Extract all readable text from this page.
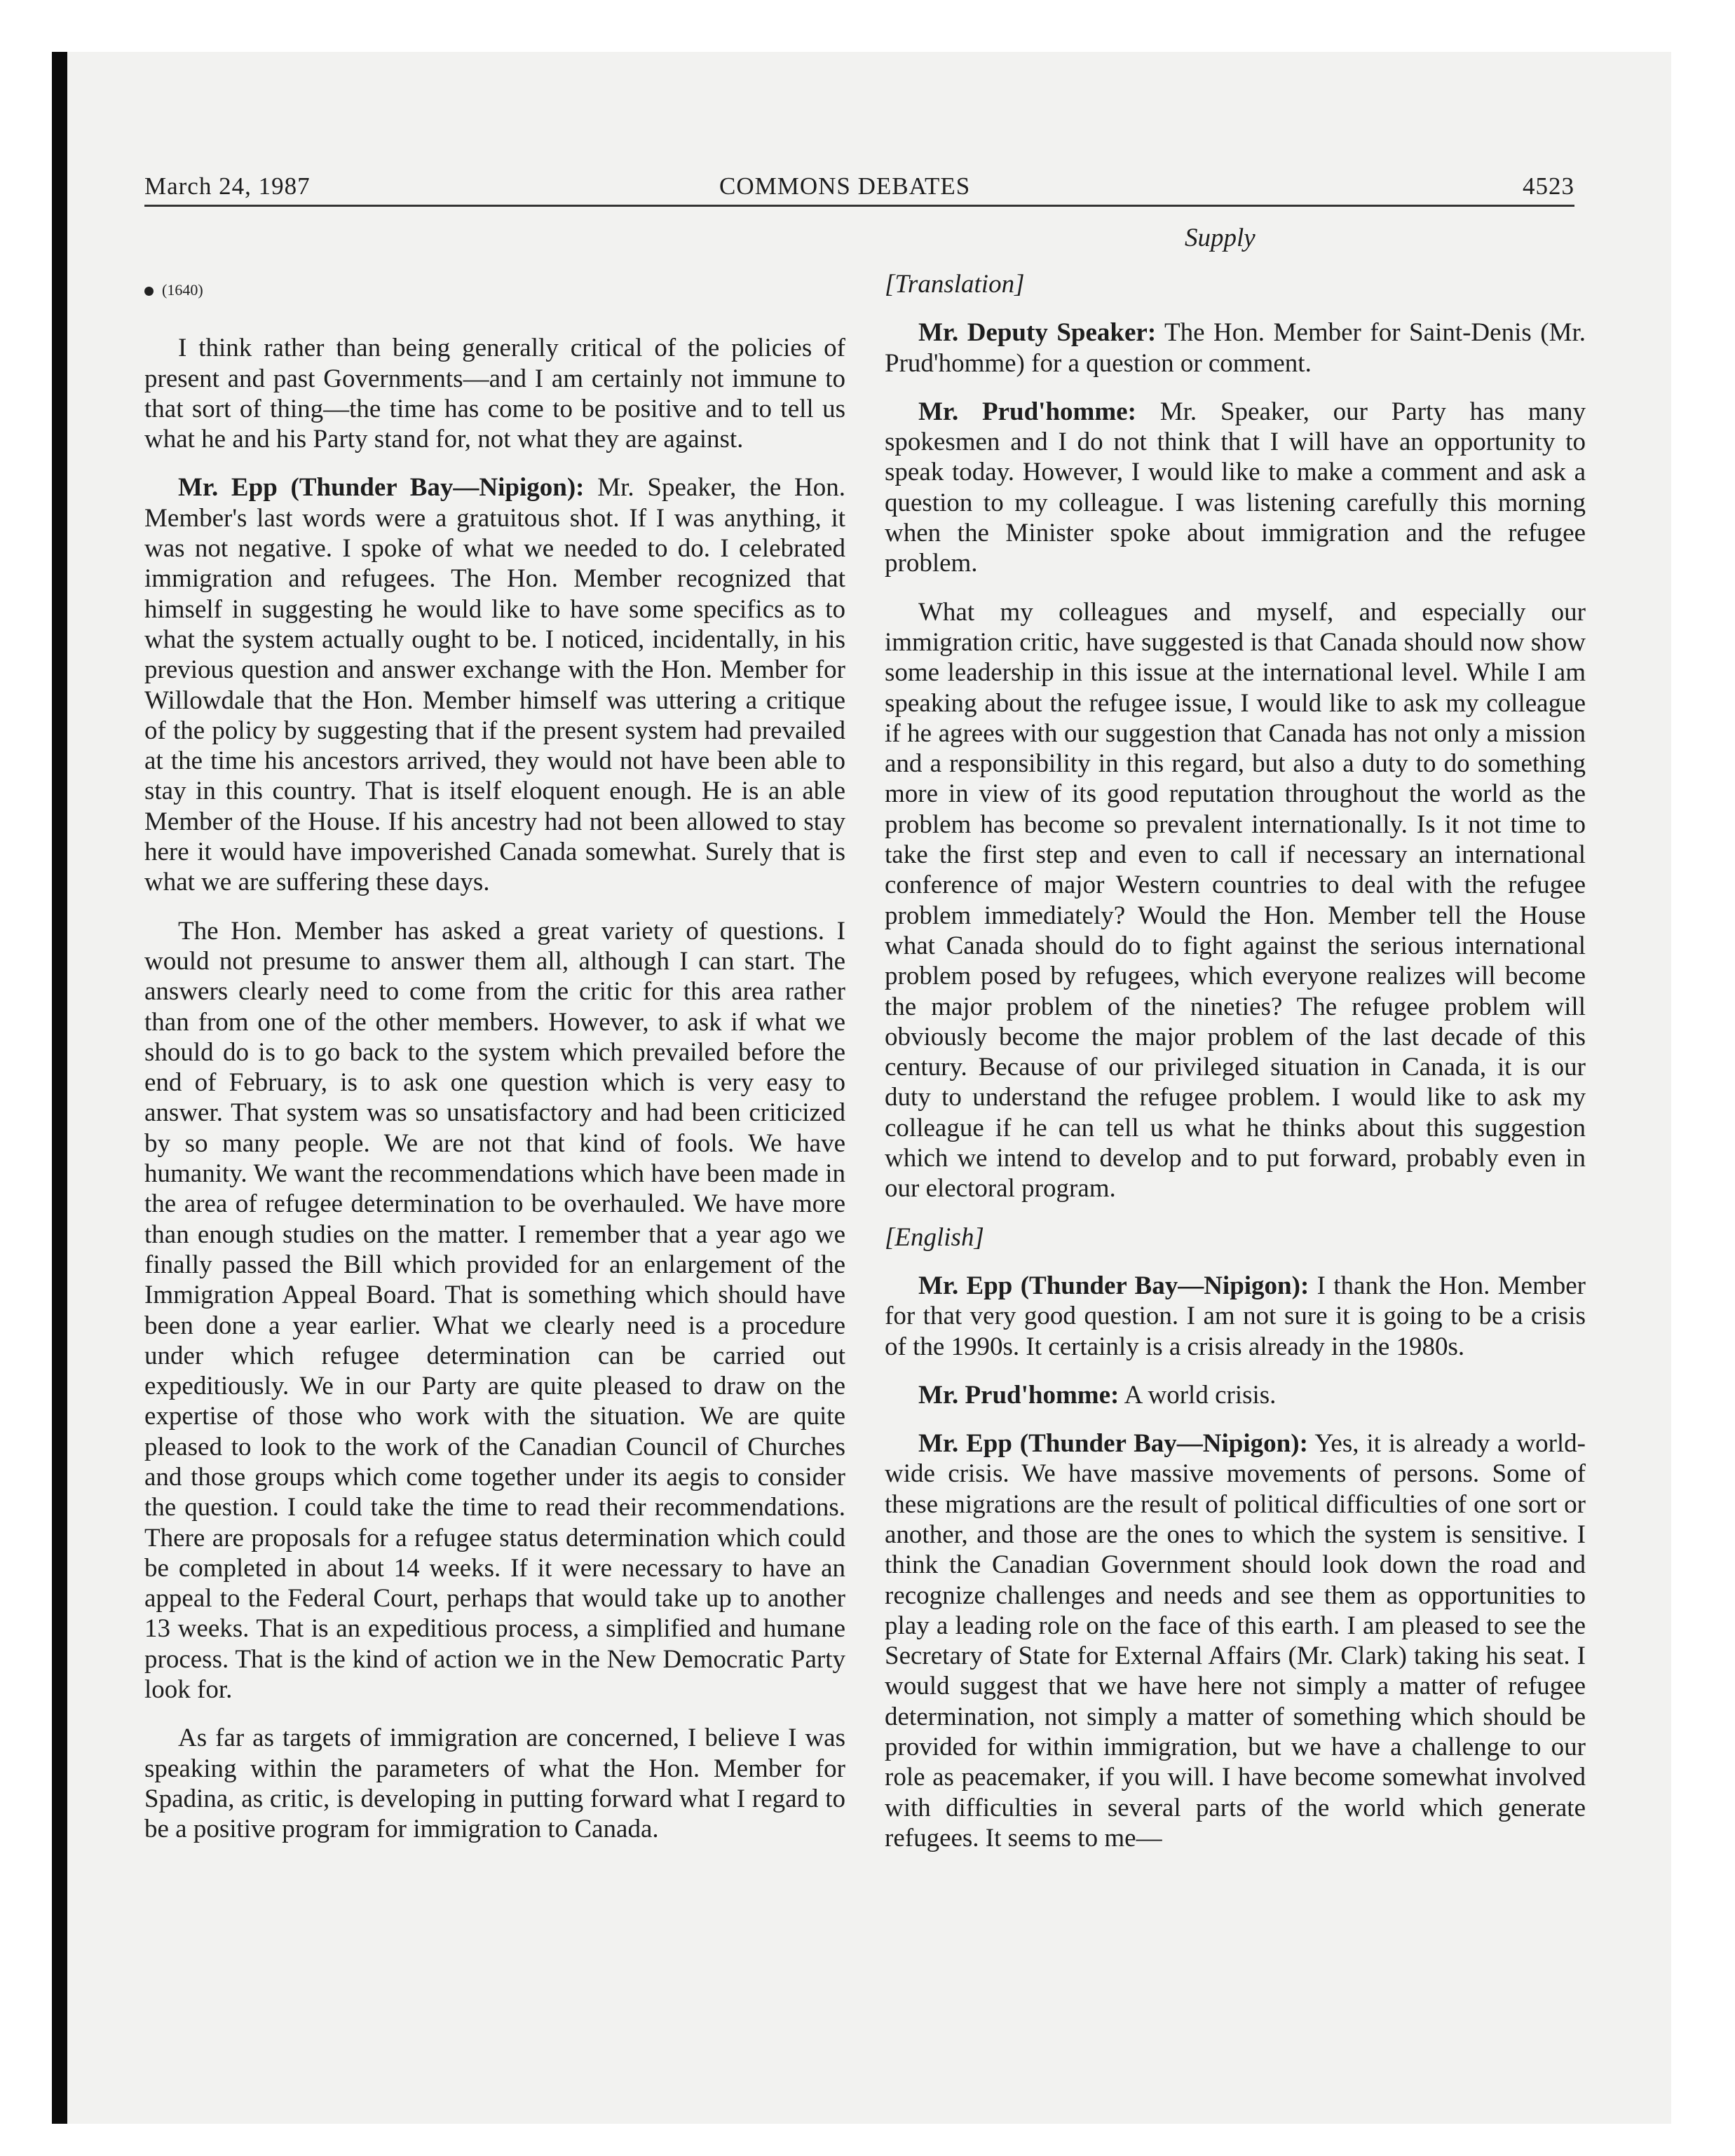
March 24, 1987	COMMONS DEBATES	4523
Supply
(1640)

I think rather than being generally critical of the policies of present and past Governments—and I am certainly not immune to that sort of thing—the time has come to be positive and to tell us what he and his Party stand for, not what they are against.

Mr. Epp (Thunder Bay—Nipigon): Mr. Speaker, the Hon. Member's last words were a gratuitous shot. If I was anything, it was not negative. I spoke of what we needed to do. I celebrated immigration and refugees. The Hon. Member recognized that himself in suggesting he would like to have some specifics as to what the system actually ought to be. I noticed, incidentally, in his previous question and answer exchange with the Hon. Member for Willowdale that the Hon. Member himself was uttering a critique of the policy by suggesting that if the present system had prevailed at the time his ancestors arrived, they would not have been able to stay in this country. That is itself eloquent enough. He is an able Member of the House. If his ancestry had not been allowed to stay here it would have impoverished Canada somewhat. Surely that is what we are suffering these days.

The Hon. Member has asked a great variety of questions. I would not presume to answer them all, although I can start. The answers clearly need to come from the critic for this area rather than from one of the other members. However, to ask if what we should do is to go back to the system which prevailed before the end of February, is to ask one question which is very easy to answer. That system was so unsatisfactory and had been criticized by so many people. We are not that kind of fools. We have humanity. We want the recommendations which have been made in the area of refugee determination to be overhauled. We have more than enough studies on the matter. I remember that a year ago we finally passed the Bill which provided for an enlargement of the Immigration Appeal Board. That is something which should have been done a year earlier. What we clearly need is a procedure under which refugee determination can be carried out expeditiously. We in our Party are quite pleased to draw on the expertise of those who work with the situation. We are quite pleased to look to the work of the Canadian Council of Churches and those groups which come together under its aegis to consider the question. I could take the time to read their recommendations. There are proposals for a refugee status determination which could be completed in about 14 weeks. If it were necessary to have an appeal to the Federal Court, perhaps that would take up to another 13 weeks. That is an expeditious process, a simplified and humane process. That is the kind of action we in the New Democratic Party look for.

As far as targets of immigration are concerned, I believe I was speaking within the parameters of what the Hon. Member for Spadina, as critic, is developing in putting forward what I regard to be a positive program for immigration to Canada.

[Translation]

Mr. Deputy Speaker: The Hon. Member for Saint-Denis (Mr. Prud'homme) for a question or comment.

Mr. Prud'homme: Mr. Speaker, our Party has many spokesmen and I do not think that I will have an opportunity to speak today. However, I would like to make a comment and ask a question to my colleague. I was listening carefully this morning when the Minister spoke about immigration and the refugee problem.

What my colleagues and myself, and especially our immigration critic, have suggested is that Canada should now show some leadership in this issue at the international level. While I am speaking about the refugee issue, I would like to ask my colleague if he agrees with our suggestion that Canada has not only a mission and a responsibility in this regard, but also a duty to do something more in view of its good reputation throughout the world as the problem has become so prevalent internationally. Is it not time to take the first step and even to call if necessary an international conference of major Western countries to deal with the refugee problem immediately? Would the Hon. Member tell the House what Canada should do to fight against the serious international problem posed by refugees, which everyone realizes will become the major problem of the nineties? The refugee problem will obviously become the major problem of the last decade of this century. Because of our privileged situation in Canada, it is our duty to understand the refugee problem. I would like to ask my colleague if he can tell us what he thinks about this suggestion which we intend to develop and to put forward, probably even in our electoral program.

[English]

Mr. Epp (Thunder Bay—Nipigon): I thank the Hon. Member for that very good question. I am not sure it is going to be a crisis of the 1990s. It certainly is a crisis already in the 1980s.

Mr. Prud'homme: A world crisis.

Mr. Epp (Thunder Bay—Nipigon): Yes, it is already a world-wide crisis. We have massive movements of persons. Some of these migrations are the result of political difficulties of one sort or another, and those are the ones to which the system is sensitive. I think the Canadian Government should look down the road and recognize challenges and needs and see them as opportunities to play a leading role on the face of this earth. I am pleased to see the Secretary of State for External Affairs (Mr. Clark) taking his seat. I would suggest that we have here not simply a matter of refugee determination, not simply a matter of something which should be provided for within immigration, but we have a challenge to our role as peacemaker, if you will. I have become somewhat involved with difficulties in several parts of the world which generate refugees. It seems to me—
